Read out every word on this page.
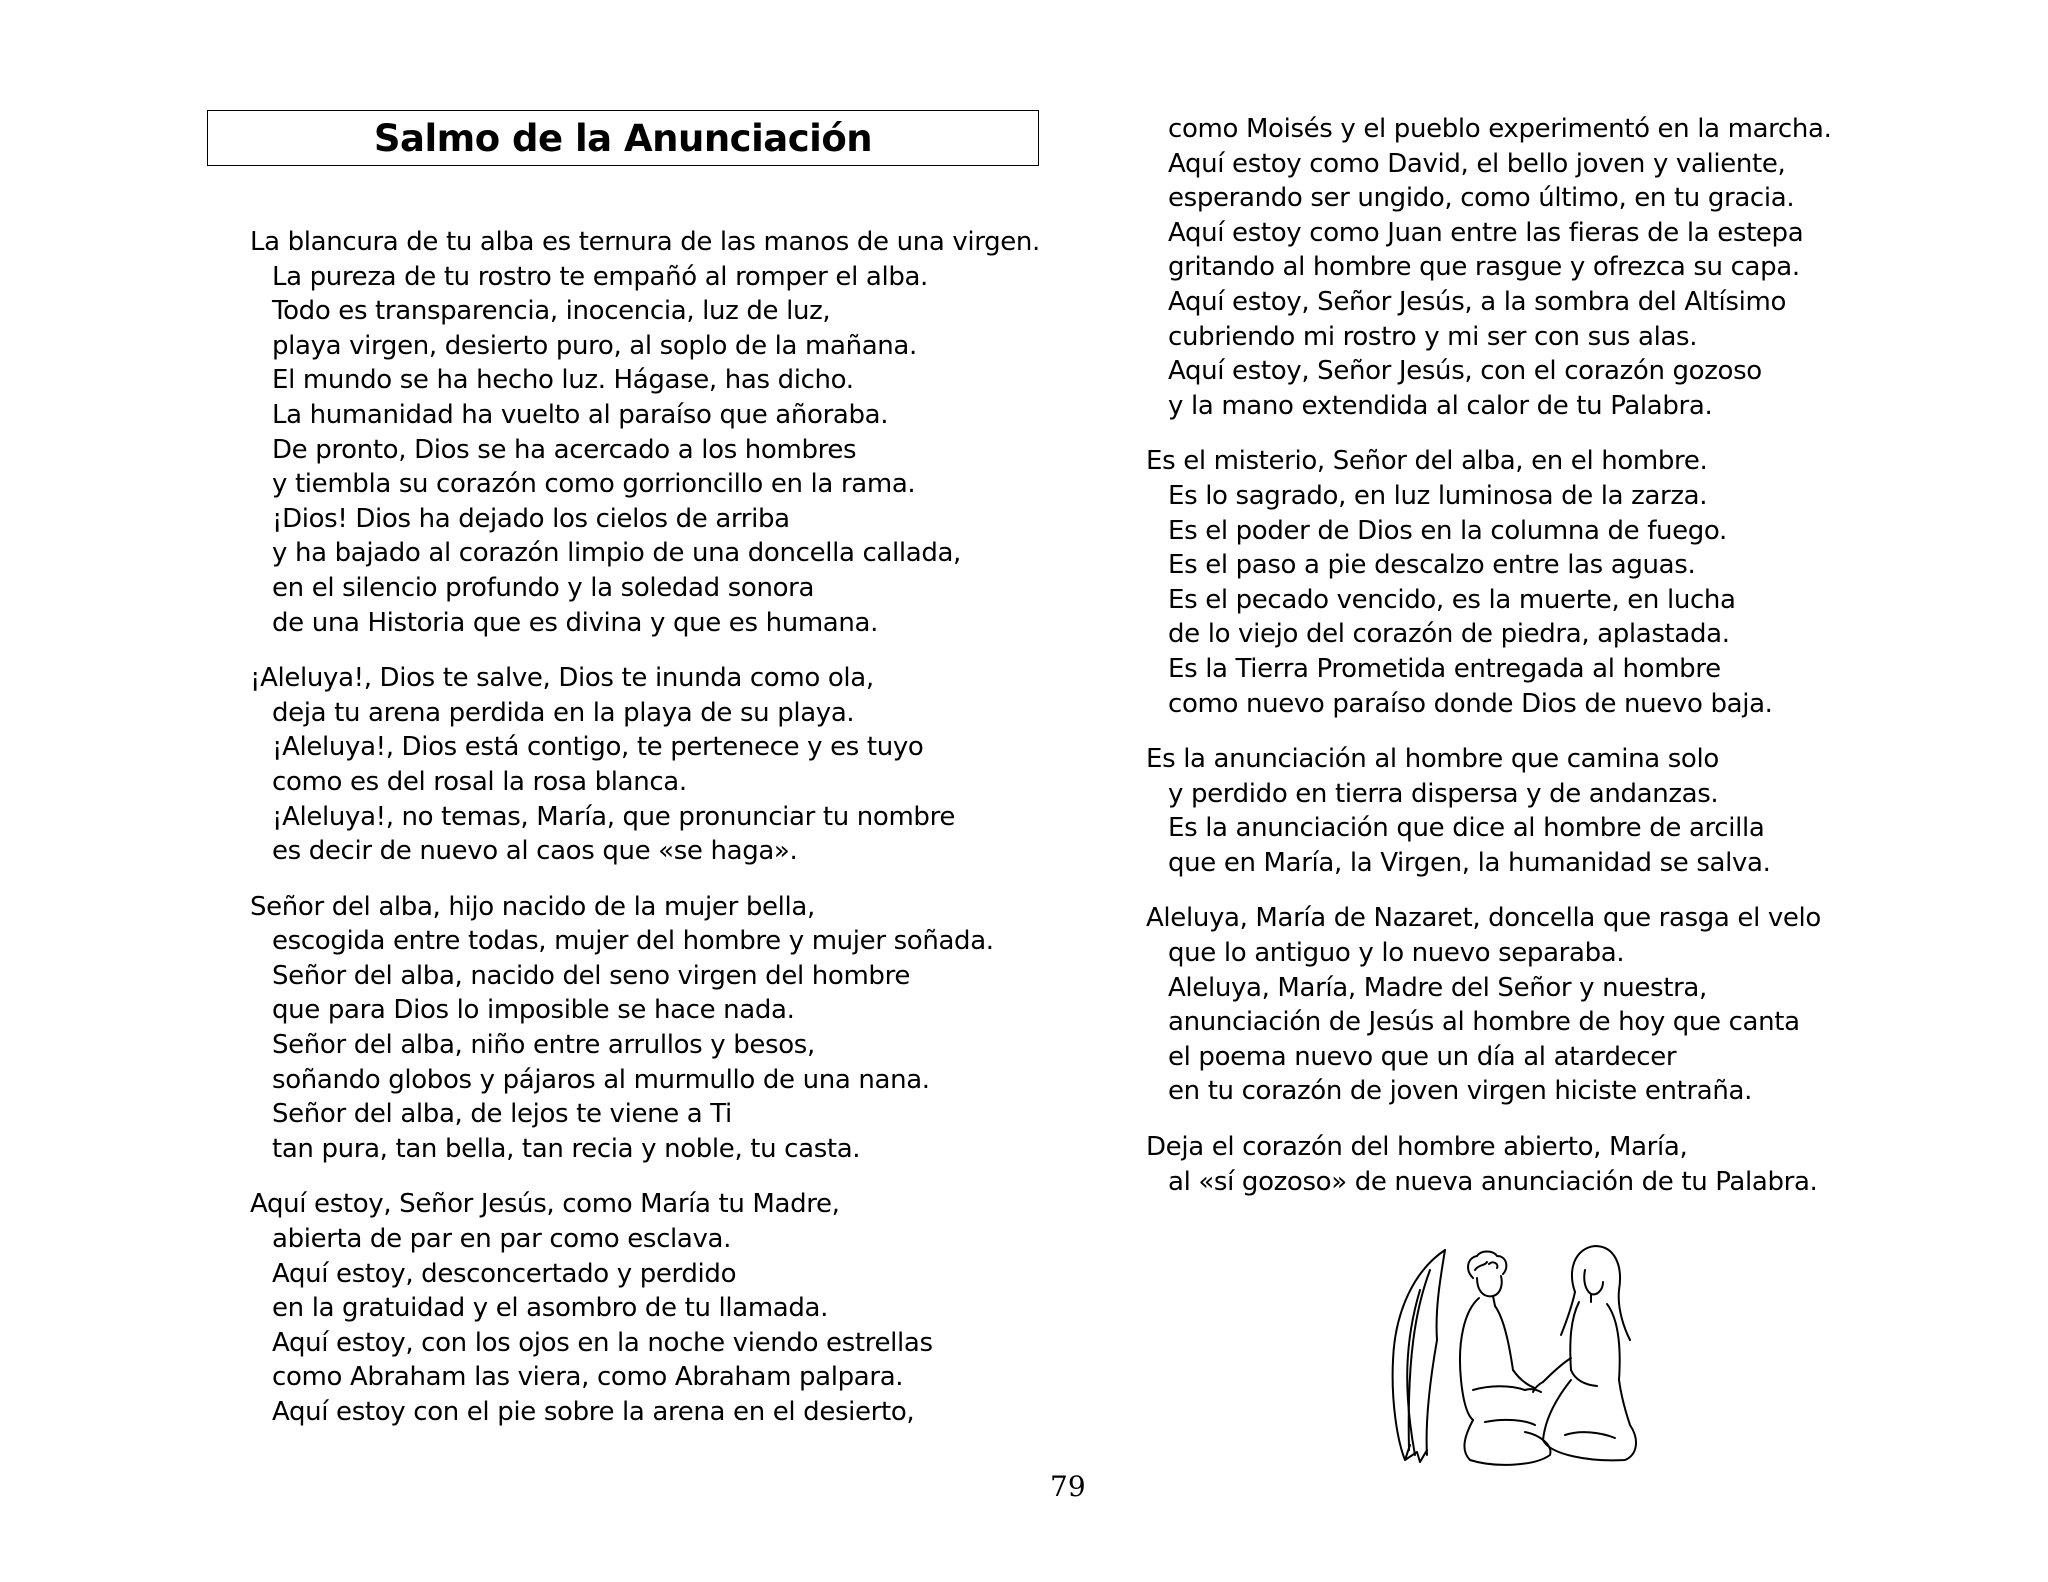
Salmo de la Anunciación
La blancura de tu alba es ternura de las manos de una virgen.
La pureza de tu rostro te empañó al romper el alba.
Todo es transparencia, inocencia, luz de luz,
playa virgen, desierto puro, al soplo de la mañana.
El mundo se ha hecho luz. Hágase, has dicho.
La humanidad ha vuelto al paraíso que añoraba.
De pronto, Dios se ha acercado a los hombres
y tiembla su corazón como gorrioncillo en la rama.
¡Dios! Dios ha dejado los cielos de arriba
y ha bajado al corazón limpio de una doncella callada,
en el silencio profundo y la soledad sonora
de una Historia que es divina y que es humana.
¡Aleluya!, Dios te salve, Dios te inunda como ola,
deja tu arena perdida en la playa de su playa.
¡Aleluya!, Dios está contigo, te pertenece y es tuyo
como es del rosal la rosa blanca.
¡Aleluya!, no temas, María, que pronunciar tu nombre
es decir de nuevo al caos que «se haga».
Señor del alba, hijo nacido de la mujer bella,
escogida entre todas, mujer del hombre y mujer soñada.
Señor del alba, nacido del seno virgen del hombre
que para Dios lo imposible se hace nada.
Señor del alba, niño entre arrullos y besos,
soñando globos y pájaros al murmullo de una nana.
Señor del alba, de lejos te viene a Ti
tan pura, tan bella, tan recia y noble, tu casta.
Aquí estoy, Señor Jesús, como María tu Madre,
abierta de par en par como esclava.
Aquí estoy, desconcertado y perdido
en la gratuidad y el asombro de tu llamada.
Aquí estoy, con los ojos en la noche viendo estrellas
como Abraham las viera, como Abraham palpara.
Aquí estoy con el pie sobre la arena en el desierto,
como Moisés y el pueblo experimentó en la marcha.
Aquí estoy como David, el bello joven y valiente,
esperando ser ungido, como último, en tu gracia.
Aquí estoy como Juan entre las fieras de la estepa
gritando al hombre que rasgue y ofrezca su capa.
Aquí estoy, Señor Jesús, a la sombra del Altísimo
cubriendo mi rostro y mi ser con sus alas.
Aquí estoy, Señor Jesús, con el corazón gozoso
y la mano extendida al calor de tu Palabra.
Es el misterio, Señor del alba, en el hombre.
Es lo sagrado, en luz luminosa de la zarza.
Es el poder de Dios en la columna de fuego.
Es el paso a pie descalzo entre las aguas.
Es el pecado vencido, es la muerte, en lucha
de lo viejo del corazón de piedra, aplastada.
Es la Tierra Prometida entregada al hombre
como nuevo paraíso donde Dios de nuevo baja.
Es la anunciación al hombre que camina solo
y perdido en tierra dispersa y de andanzas.
Es la anunciación que dice al hombre de arcilla
que en María, la Virgen, la humanidad se salva.
Aleluya, María de Nazaret, doncella que rasga el velo
que lo antiguo y lo nuevo separaba.
Aleluya, María, Madre del Señor y nuestra,
anunciación de Jesús al hombre de hoy que canta
el poema nuevo que un día al atardecer
en tu corazón de joven virgen hiciste entraña.
Deja el corazón del hombre abierto, María,
al «sí gozoso» de nueva anunciación de tu Palabra.
79
